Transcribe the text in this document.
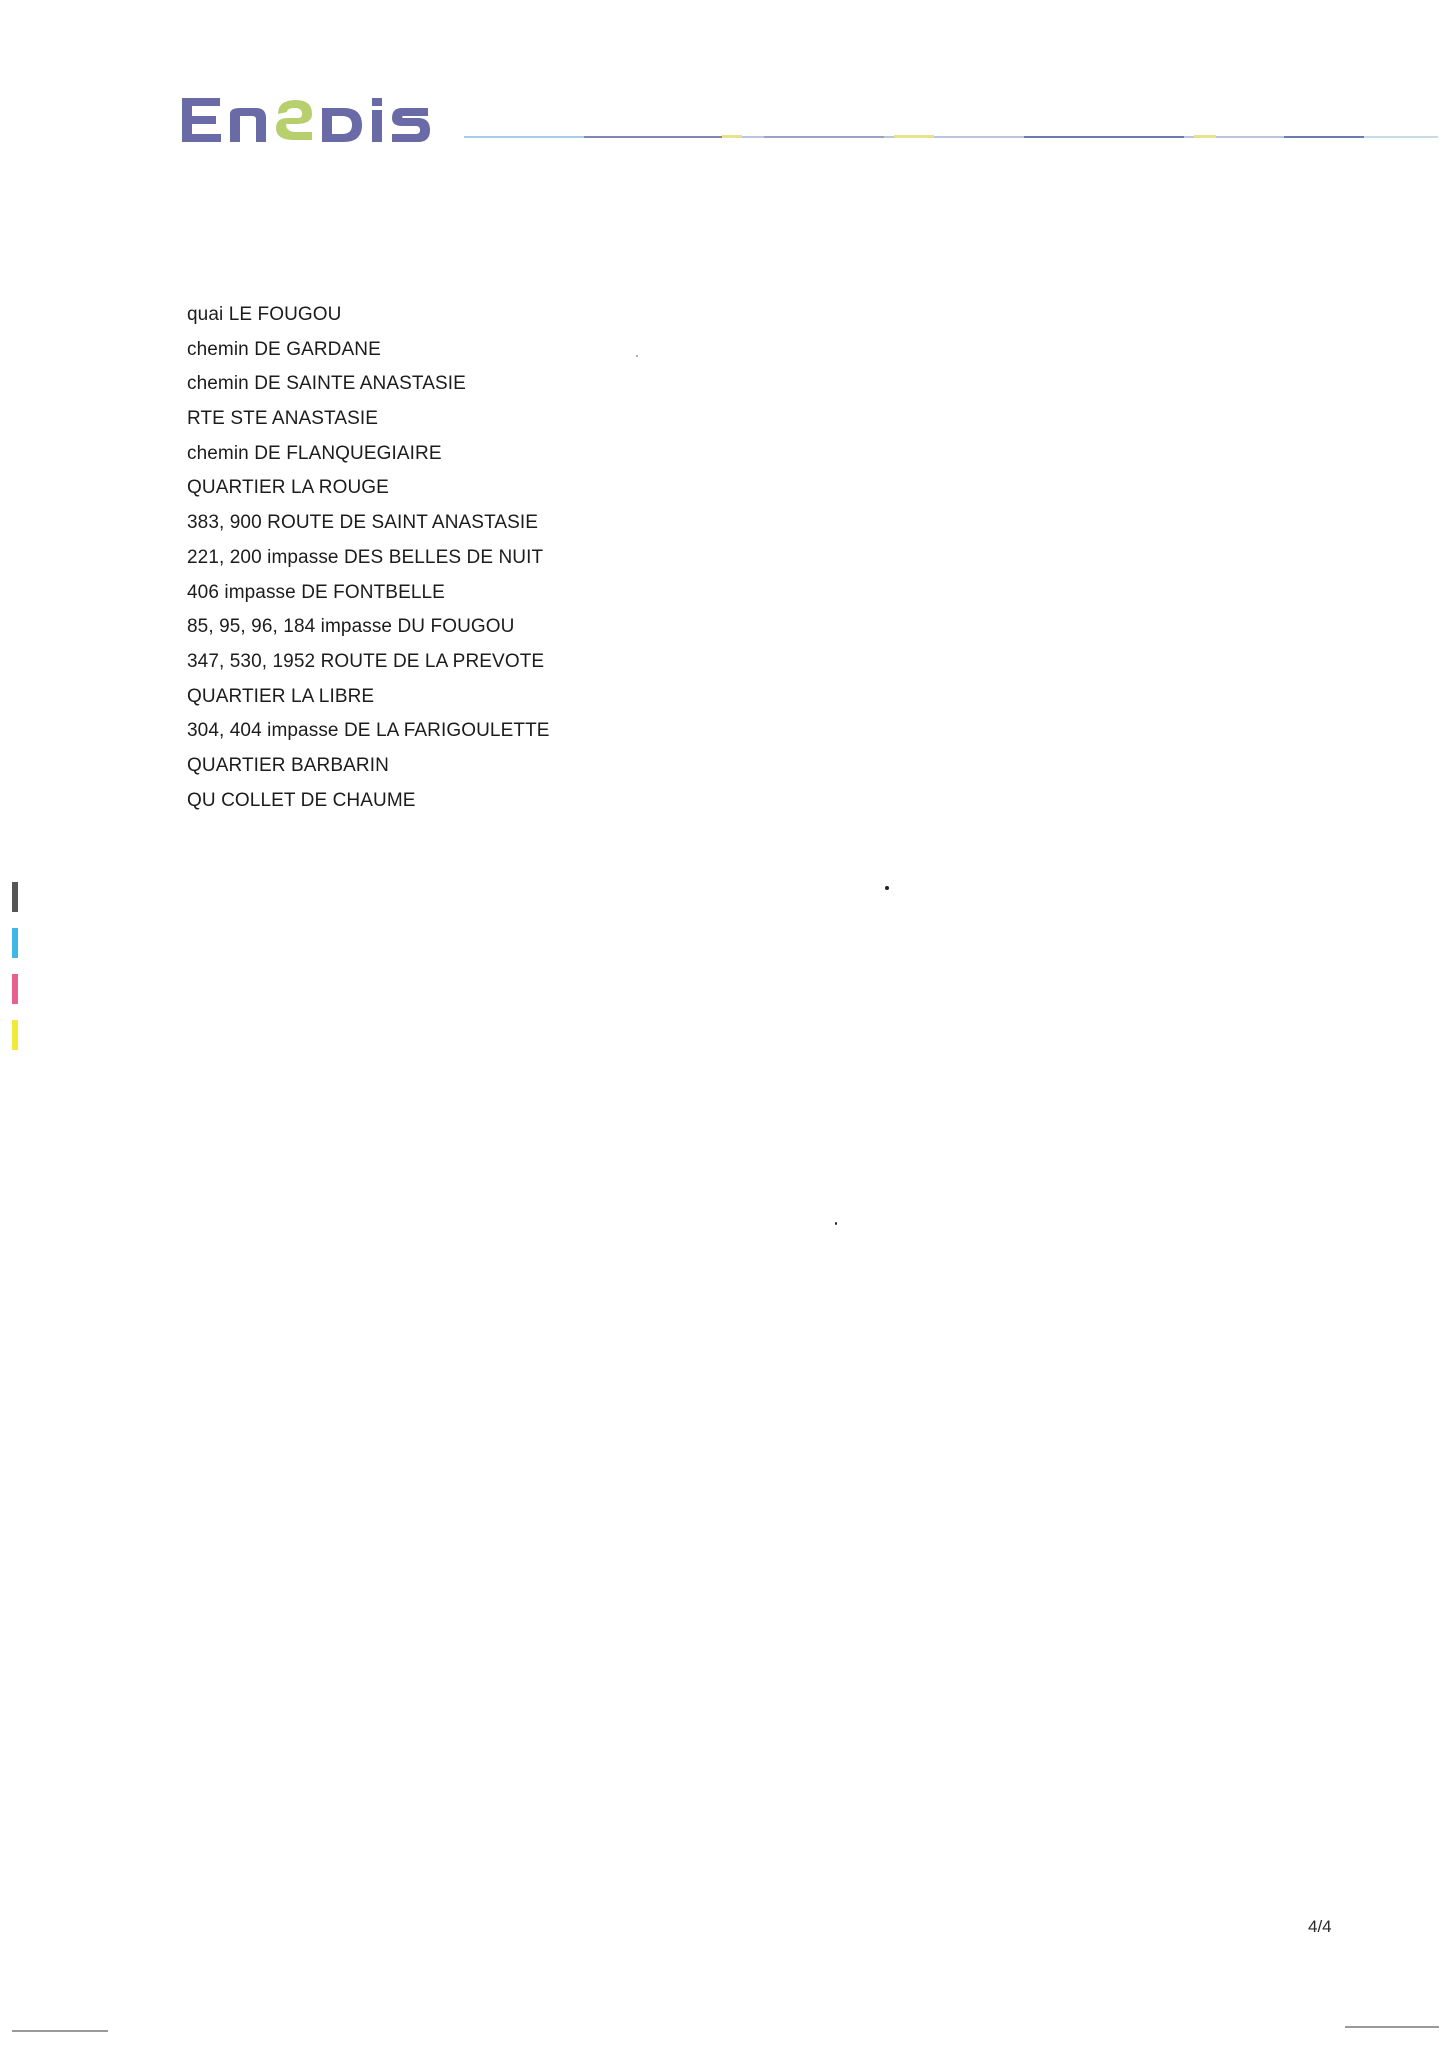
quai LE FOUGOU
chemin DE GARDANE
chemin DE SAINTE ANASTASIE
RTE STE ANASTASIE
chemin DE FLANQUEGIAIRE
QUARTIER LA ROUGE
383, 900 ROUTE DE SAINT ANASTASIE
221, 200 impasse DES BELLES DE NUIT
406 impasse DE FONTBELLE
85, 95, 96, 184 impasse DU FOUGOU
347, 530, 1952 ROUTE DE LA PREVOTE
QUARTIER LA LIBRE
304, 404 impasse DE LA FARIGOULETTE
QUARTIER BARBARIN
QU COLLET DE CHAUME
4/4
